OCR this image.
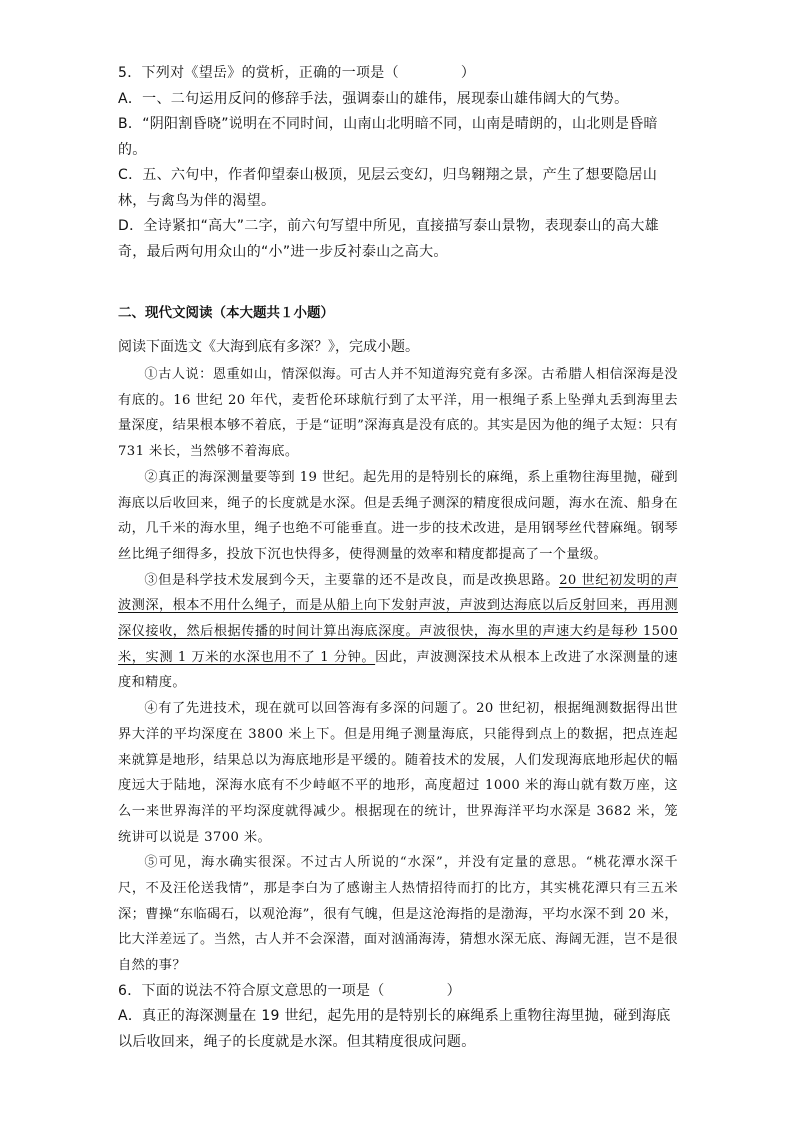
5．下列对《望岳》的赏析，正确的一项是（	）
A．一、二句运用反问的修辞手法，强调泰山的雄伟，展现泰山雄伟阔大的气势。
B．“阴阳割昏晓”说明在不同时间，山南山北明暗不同，山南是晴朗的，山北则是昏暗的。
C．五、六句中，作者仰望泰山极顶，见层云变幻，归鸟翱翔之景，产生了想要隐居山林，与禽鸟为伴的渴望。
D．全诗紧扣“高大”二字，前六句写望中所见，直接描写泰山景物，表现泰山的高大雄奇，最后两句用众山的“小”进一步反衬泰山之高大。
二、现代文阅读（本大题共１小题）
阅读下面选文《大海到底有多深？》，完成小题。
①古人说：恩重如山，情深似海。可古人并不知道海究竟有多深。古希腊人相信深海是没有底的。16 世纪 20 年代，麦哲伦环球航行到了太平洋，用一根绳子系上坠弹丸丢到海里去量深度，结果根本够不着底，于是“证明”深海真是没有底的。其实是因为他的绳子太短：只有 731 米长，当然够不着海底。
②真正的海深测量要等到 19 世纪。起先用的是特别长的麻绳，系上重物往海里抛，碰到海底以后收回来，绳子的长度就是水深。但是丢绳子测深的精度很成问题，海水在流、船身在动，几千米的海水里，绳子也绝不可能垂直。进一步的技术改进，是用钢琴丝代替麻绳。钢琴丝比绳子细得多，投放下沉也快得多，使得测量的效率和精度都提高了一个量级。
③但是科学技术发展到今天，主要靠的还不是改良，而是改换思路。20 世纪初发明的声波测深，根本不用什么绳子，而是从船上向下发射声波，声波到达海底以后反射回来，再用测深仪接收，然后根据传播的时间计算出海底深度。声波很快，海水里的声速大约是每秒 1500 米，实测 1 万米的水深也用不了 1 分钟。因此，声波测深技术从根本上改进了水深测量的速度和精度。
④有了先进技术，现在就可以回答海有多深的问题了。20 世纪初，根据绳测数据得出世界大洋的平均深度在 3800 米上下。但是用绳子测量海底，只能得到点上的数据，把点连起来就算是地形，结果总以为海底地形是平缓的。随着技术的发展，人们发现海底地形起伏的幅度远大于陆地，深海水底有不少峙岖不平的地形，高度超过 1000 米的海山就有数万座，这么一来世界海洋的平均深度就得减少。根据现在的统计，世界海洋平均水深是 3682 米，笼统讲可以说是 3700 米。
⑤可见，海水确实很深。不过古人所说的“水深”，并没有定量的意思。“桃花潭水深千尺，不及汪伦送我情”，那是李白为了感谢主人热情招待而打的比方，其实桃花潭只有三五米深；曹操“东临碣石，以观沧海”，很有气魄，但是这沧海指的是渤海，平均水深不到 20 米，比大洋差远了。当然，古人并不会深潜，面对汹涌海涛，猜想水深无底、海阔无涯，岂不是很自然的事？
6．下面的说法不符合原文意思的一项是（	）
A．真正的海深测量在 19 世纪，起先用的是特别长的麻绳系上重物往海里抛，碰到海底以后收回来，绳子的长度就是水深。但其精度很成问题。
